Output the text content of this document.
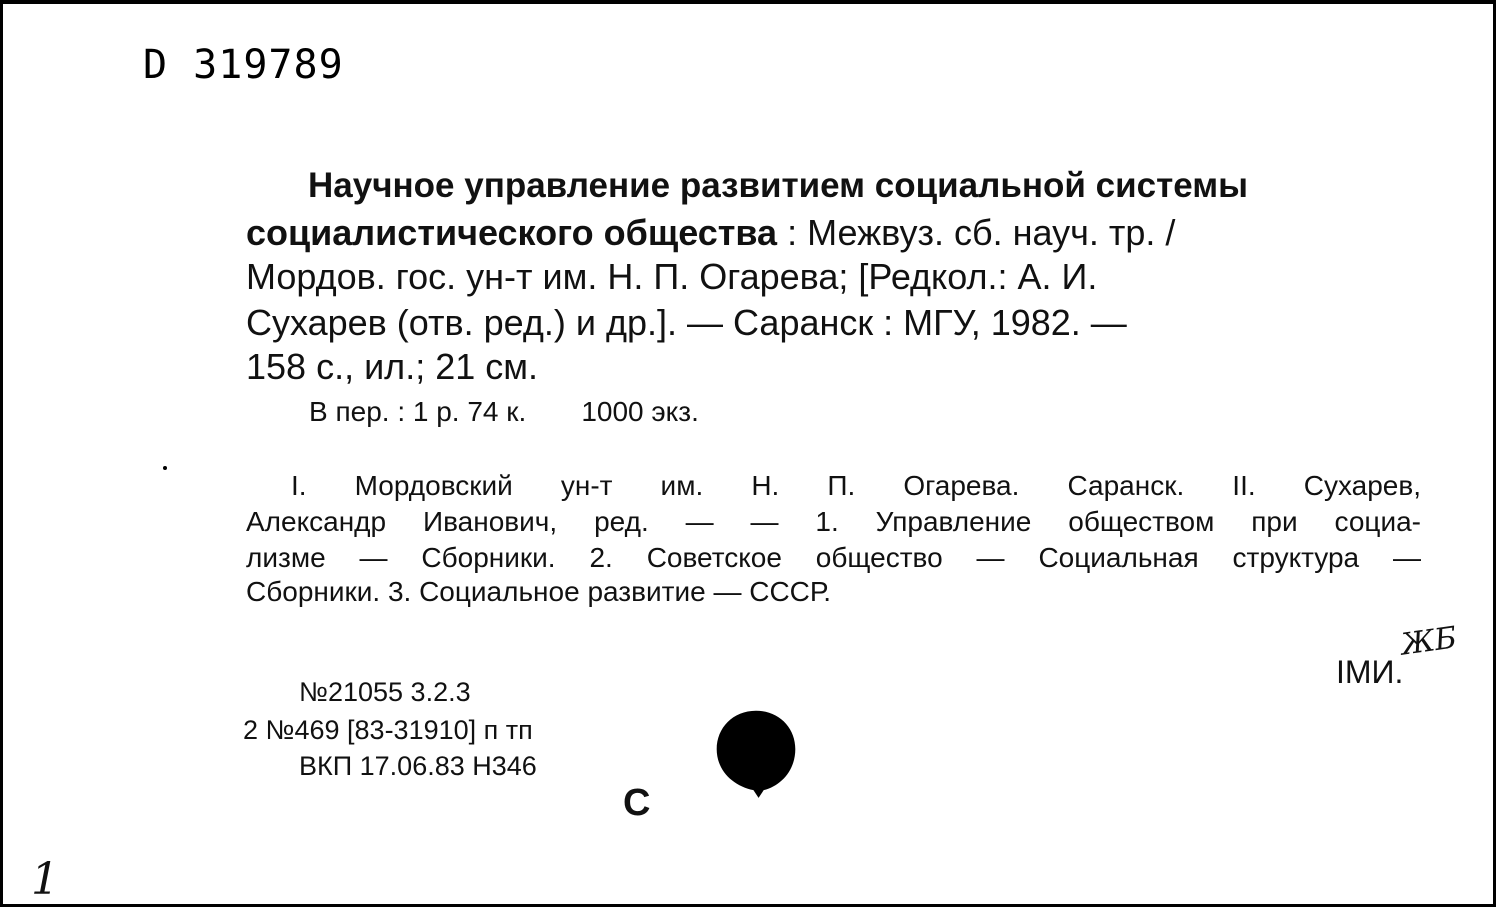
D 319789
Научное управление развитием социальной системы
социалистического общества : Межвуз. сб. науч. тр. /
Мордов. гос. ун-т им. Н. П. Огарева; [Редкол.: А. И.
Сухарев (отв. ред.) и др.]. — Саранск : МГУ, 1982. —
158 с., ил.; 21 см.
В пер. : 1 р. 74 к. 1000 экз.
I. Мордовский ун-т им. Н. П. Огарева. Саранск. II. Сухарев,
Александр Иванович, ред. — — 1. Управление обществом при социа-
лизме — Сборники. 2. Советское общество — Социальная структура —
Сборники. 3. Социальное развитие — СССР.
IМИ.
ЖБ
№21055 3.2.3
2 №469 [83-31910] п тп
ВКП 17.06.83 Н346
С
1
